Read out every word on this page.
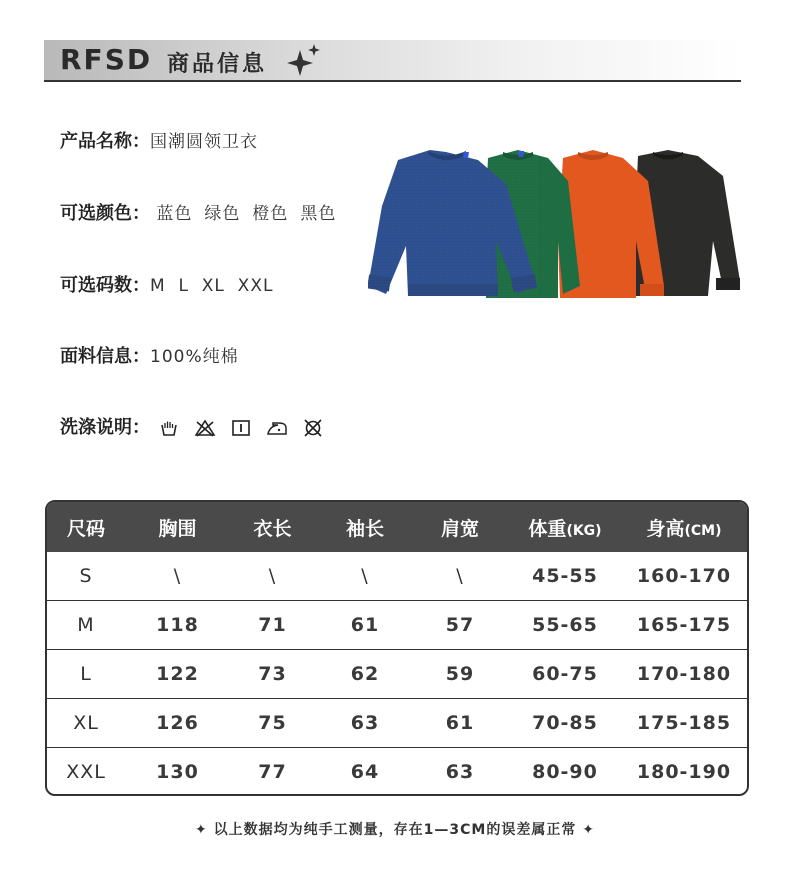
RFSD 商品信息
产品名称：国潮圆领卫衣
可选颜色： 蓝色 绿色 橙色 黑色
可选码数：M  L  XL  XXL
面料信息：100%纯棉
洗涤说明：
尺码	胸围	衣长	袖长	肩宽	体重(KG)	身高(CM)
S	\	\	\	\	45-55	160-170
M	118	71	61	57	55-65	165-175
L	122	73	62	59	60-75	170-180
XL	126	75	63	61	70-85	175-185
XXL	130	77	64	63	80-90	180-190
✦ 以上数据均为纯手工测量，存在1—3CM的误差属正常 ✦
